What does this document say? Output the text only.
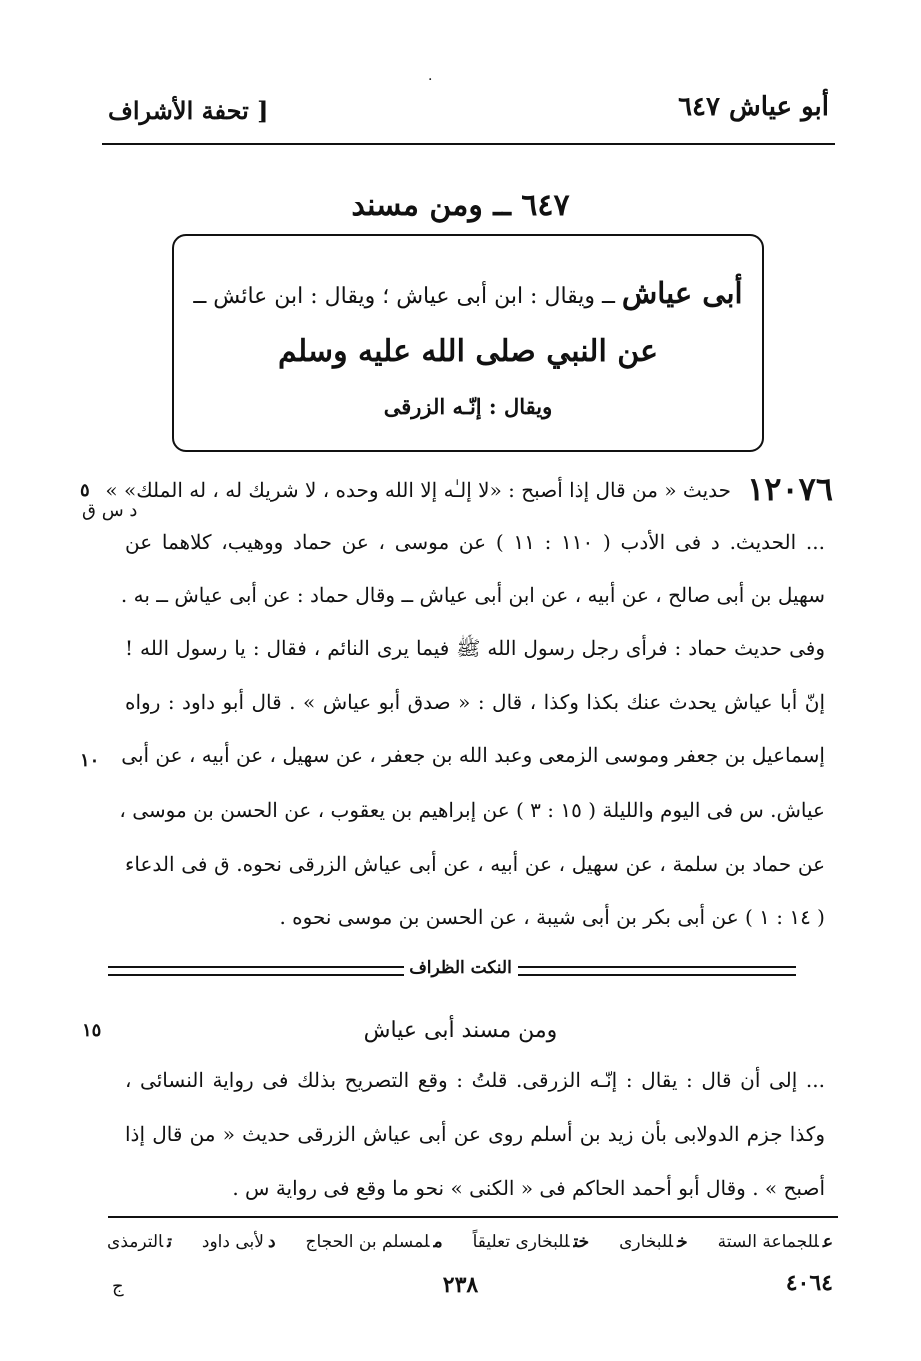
·
أبو عياش ٦٤٧
[ تحفة الأشراف
٦٤٧ ــ ومن مسند
أبى عياش ــ ويقال : ابن أبى عياش ؛ ويقال : ابن عائش ــ
عن النبي صلى الله عليه وسلم
ويقال : إنّـه الزرقى
١٢٠٧٦
د س ق
٥
١٠
حديث « من قال إذا أصبح : «لا إلـٰه إلا الله وحده ، لا شريك له ، له الملك» »
... الحديث. د فى الأدب ( ١١٠ : ١١ ) عن موسى ، عن حماد ووهيب، كلاهما عن
سهيل بن أبى صالح ، عن أبيه ، عن ابن أبى عياش ــ وقال حماد : عن أبى عياش ــ به .
وفى حديث حماد : فرأى رجل رسول الله ﷺ فيما يرى النائم ، فقال : يا رسول الله !
إنّ أبا عياش يحدث عنك بكذا وكذا ، قال : « صدق أبو عياش » . قال أبو داود : رواه
إسماعيل بن جعفر وموسى الزمعى وعبد الله بن جعفر ، عن سهيل ، عن أبيه ، عن أبى
عياش. س فى اليوم والليلة ( ١٥ : ٣ ) عن إبراهيم بن يعقوب ، عن الحسن بن موسى ،
عن حماد بن سلمة ، عن سهيل ، عن أبيه ، عن أبى عياش الزرقى نحوه. ق فى الدعاء
( ١٤ : ١ ) عن أبى بكر بن أبى شيبة ، عن الحسن بن موسى نحوه .
النكت الظراف
ومن مسند أبى عياش
١٥
... إلى أن قال : يقال : إنّـه الزرقى. قلتُ : وقع التصريح بذلك فى رواية النسائى ،
وكذا جزم الدولابى بأن زيد بن أسلم روى عن أبى عياش الزرقى حديث « من قال إذا
أصبح » . وقال أبو أحمد الحاكم فى « الكنى » نحو ما وقع فى رواية س .
عللجماعة الستة
خللبخارى
ختللبخارى تعليقاً
ملمسلم بن الحجاج
دلأبى داود
تالترمذى
٤٠٦٤
٢٣٨
ج
